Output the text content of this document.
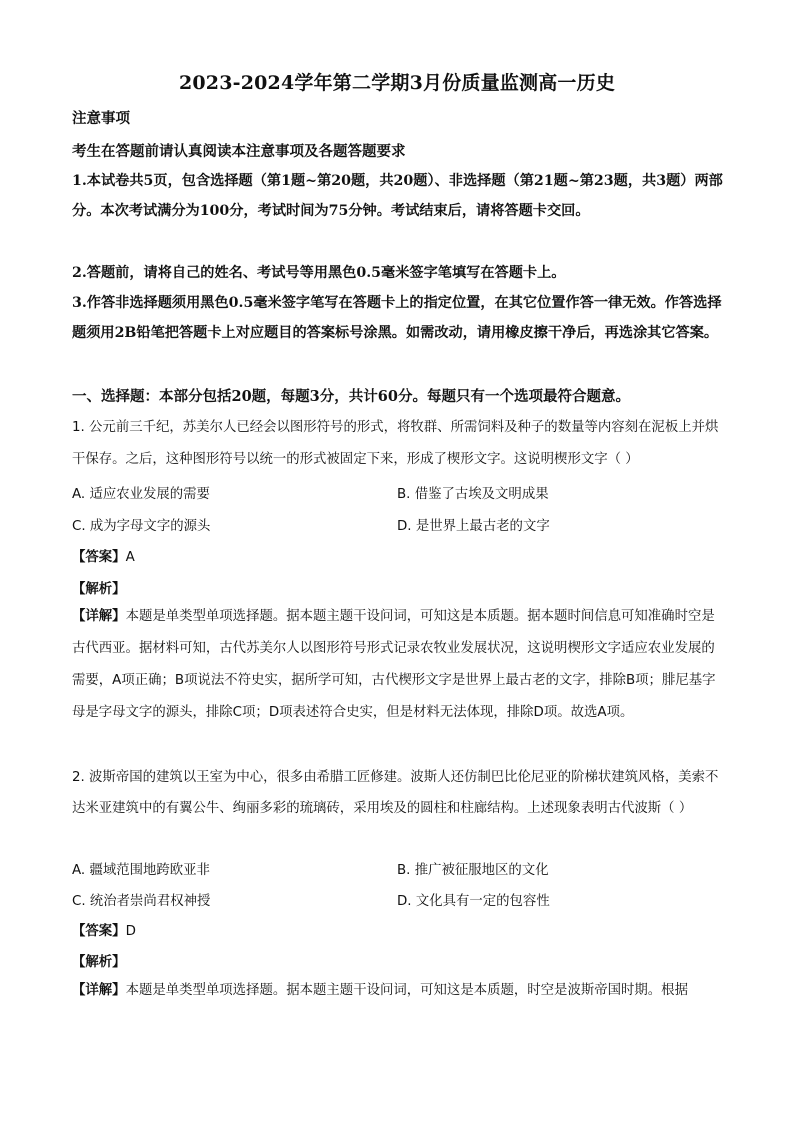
2023-2024学年第二学期3月份质量监测高一历史
注意事项
考生在答题前请认真阅读本注意事项及各题答题要求
1.本试卷共5页，包含选择题（第1题~第20题，共20题）、非选择题（第21题~第23题，共3题）两部分。本次考试满分为100分，考试时间为75分钟。考试结束后，请将答题卡交回。
2.答题前，请将自己的姓名、考试号等用黑色0.5毫米签字笔填写在答题卡上。
3.作答非选择题须用黑色0.5毫米签字笔写在答题卡上的指定位置，在其它位置作答一律无效。作答选择题须用2B铅笔把答题卡上对应题目的答案标号涂黑。如需改动，请用橡皮擦干净后，再选涂其它答案。
一、选择题：本部分包括20题，每题3分，共计60分。每题只有一个选项最符合题意。
1. 公元前三千纪，苏美尔人已经会以图形符号的形式，将牧群、所需饲料及种子的数量等内容刻在泥板上并烘干保存。之后，这种图形符号以统一的形式被固定下来，形成了楔形文字。这说明楔形文字（ ）
A. 适应农业发展的需要	B. 借鉴了古埃及文明成果
C. 成为字母文字的源头	D. 是世界上最古老的文字
【答案】A
【解析】
【详解】本题是单类型单项选择题。据本题主题干设问词，可知这是本质题。据本题时间信息可知准确时空是古代西亚。据材料可知，古代苏美尔人以图形符号形式记录农牧业发展状况，这说明楔形文字适应农业发展的需要，A项正确；B项说法不符史实，据所学可知，古代楔形文字是世界上最古老的文字，排除B项；腓尼基字母是字母文字的源头，排除C项；D项表述符合史实，但是材料无法体现，排除D项。故选A项。
2. 波斯帝国的建筑以王室为中心，很多由希腊工匠修建。波斯人还仿制巴比伦尼亚的阶梯状建筑风格，美索不达米亚建筑中的有翼公牛、绚丽多彩的琉璃砖，采用埃及的圆柱和柱廊结构。上述现象表明古代波斯（ ）
A. 疆域范围地跨欧亚非	B. 推广被征服地区的文化
C. 统治者崇尚君权神授	D. 文化具有一定的包容性
【答案】D
【解析】
【详解】本题是单类型单项选择题。据本题主题干设问词，可知这是本质题，时空是波斯帝国时期。根据
